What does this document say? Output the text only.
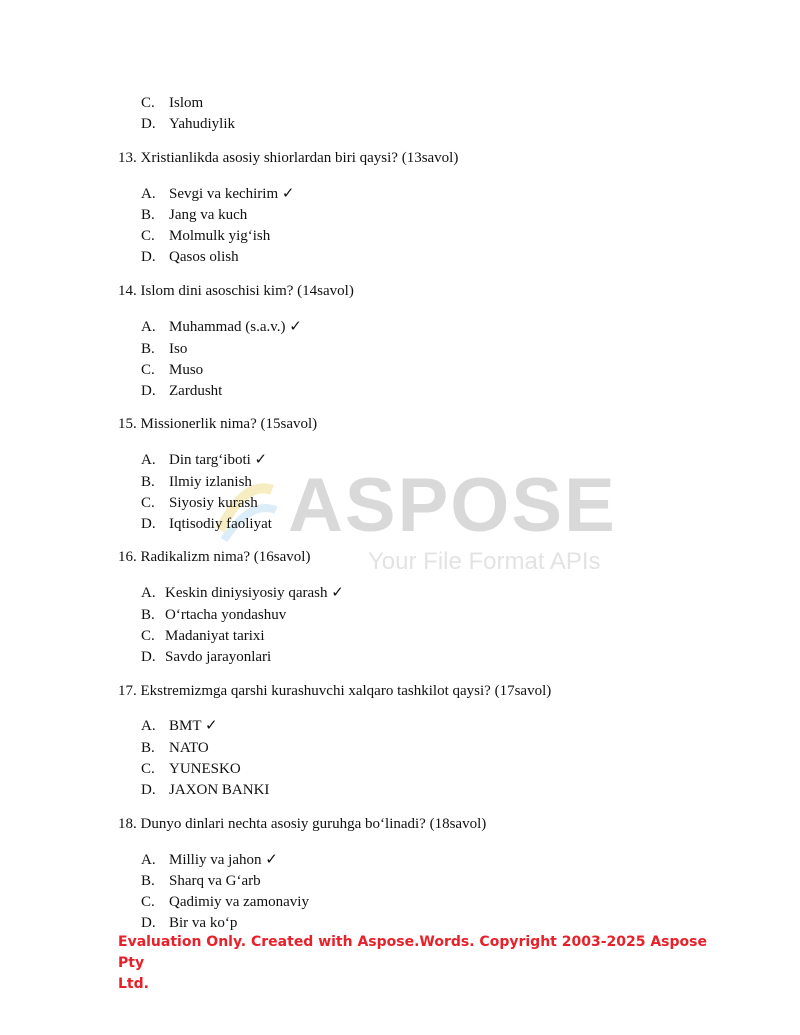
ASPOSE
Your File Format APIs
C. Islom
D. Yahudiylik
13. Xristianlikda asosiy shiorlardan biri qaysi? (13savol)
A. Sevgi va kechirim ✓
B. Jang va kuch
C. Molmulk yig‘ish
D. Qasos olish
14. Islom dini asoschisi kim? (14savol)
A. Muhammad (s.a.v.) ✓
B. Iso
C. Muso
D. Zardusht
15. Missionerlik nima? (15savol)
A. Din targ‘iboti ✓
B. Ilmiy izlanish
C. Siyosiy kurash
D. Iqtisodiy faoliyat
16. Radikalizm nima? (16savol)
A. Keskin diniysiyosiy qarash ✓
B. O‘rtacha yondashuv
C. Madaniyat tarixi
D. Savdo jarayonlari
17. Ekstremizmga qarshi kurashuvchi xalqaro tashkilot qaysi? (17savol)
A. BMT ✓
B. NATO
C. YUNESKO
D. JAXON BANKI
18. Dunyo dinlari nechta asosiy guruhga bo‘linadi? (18savol)
A. Milliy va jahon ✓
B. Sharq va G‘arb
C. Qadimiy va zamonaviy
D. Bir va ko‘p
Evaluation Only. Created with Aspose.Words. Copyright 2003-2025 Aspose Pty
Ltd.
